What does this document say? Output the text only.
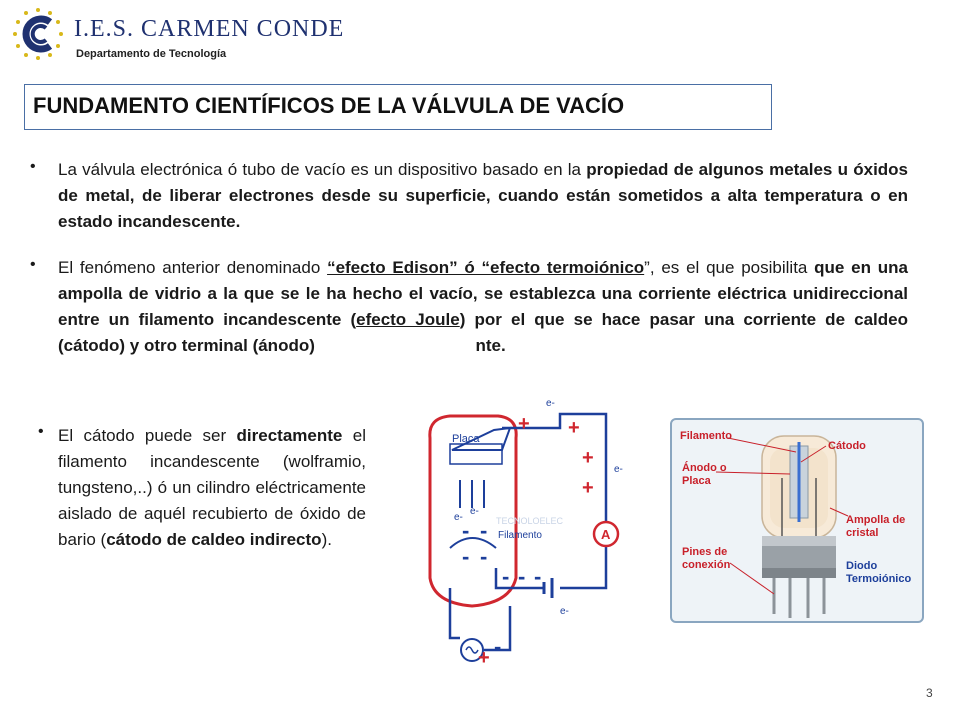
I.E.S. CARMEN CONDE
Departamento de Tecnología
FUNDAMENTO CIENTÍFICOS DE LA VÁLVULA DE VACÍO
• La válvula electrónica ó tubo de vacío es un dispositivo basado en la propiedad de algunos metales u óxidos de metal, de liberar electrones desde su superficie, cuando están sometidos a alta temperatura o en estado incandescente.
• El fenómeno anterior denominado “efecto Edison” ó “efecto termoiónico”, es el que posibilita que en una ampolla de vidrio a la que se le ha hecho el vacío, se establezca una corriente eléctrica unidireccional entre un filamento incandescente (efecto Joule) por el que se hace pasar una corriente de caldeo (cátodo) y otro terminal (ánodo)	nte.
• El cátodo puede ser directamente el filamento incandescente (wolframio, tungsteno,..) ó un cilindro eléctricamente aislado de aquél recubierto de óxido de bario (cátodo de caldeo indirecto).	A
Placa
Filamento
TECNOLOELEC
+ +
+
+
+
- -
- -
- - -
-
e-
e-
e-
e-
e-
Filamento
Cátodo
Ánodo o Placa
Ampolla de cristal
Pines de conexión	Diodo Termoiónico
3
